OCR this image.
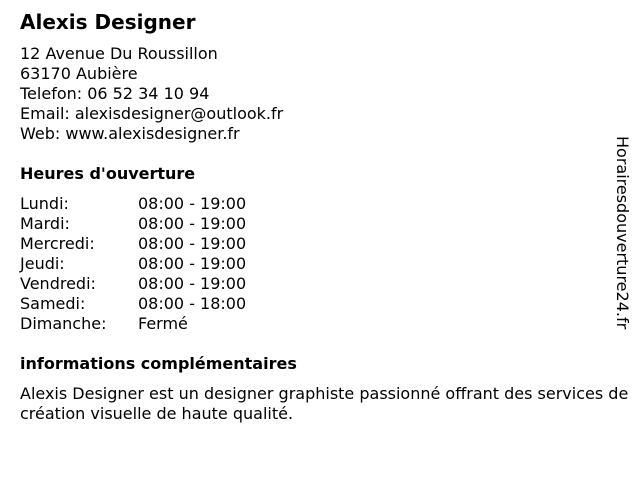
Alexis Designer
12 Avenue Du Roussillon
63170 Aubière
Telefon: 06 52 34 10 94
Email: alexisdesigner@outlook.fr
Web: www.alexisdesigner.fr
Heures d'ouverture
Lundi:	08:00 - 19:00
Mardi:	08:00 - 19:00
Mercredi:	08:00 - 19:00
Jeudi:	08:00 - 19:00
Vendredi:	08:00 - 19:00
Samedi:	08:00 - 18:00
Dimanche:	Fermé
informations complémentaires

Alexis Designer est un designer graphiste passionné offrant des services de création visuelle de haute qualité.

Horairesdouverture24.fr
